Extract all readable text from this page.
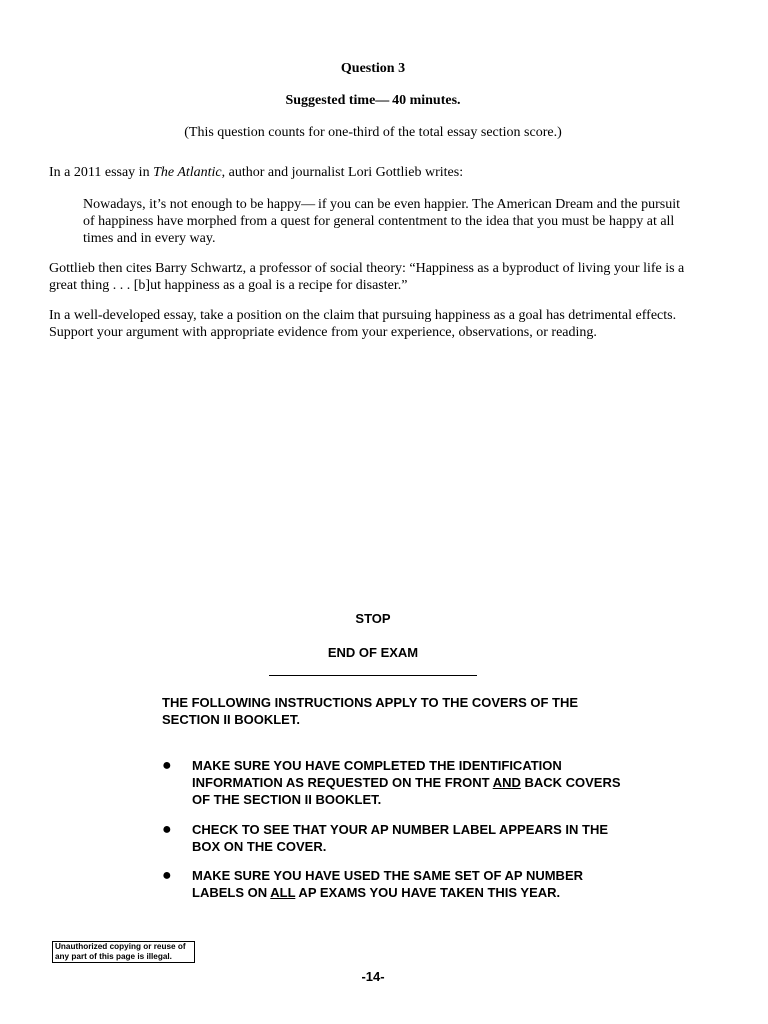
Question 3

Suggested time— 40 minutes.

(This question counts for one-third of the total essay section score.)

In a 2011 essay in The Atlantic, author and journalist Lori Gottlieb writes:

Nowadays, it’s not enough to be happy— if you can be even happier. The American Dream and the pursuit of happiness have morphed from a quest for general contentment to the idea that you must be happy at all times and in every way.

Gottlieb then cites Barry Schwartz, a professor of social theory: “Happiness as a byproduct of living your life is a great thing . . . [b]ut happiness as a goal is a recipe for disaster.”

In a well-developed essay, take a position on the claim that pursuing happiness as a goal has detrimental effects. Support your argument with appropriate evidence from your experience, observations, or reading.

STOP

END OF EXAM

THE FOLLOWING INSTRUCTIONS APPLY TO THE COVERS OF THE SECTION II BOOKLET.

●	MAKE SURE YOU HAVE COMPLETED THE IDENTIFICATION INFORMATION AS REQUESTED ON THE FRONT AND BACK COVERS OF THE SECTION II BOOKLET.
●	CHECK TO SEE THAT YOUR AP NUMBER LABEL APPEARS IN THE BOX ON THE COVER.
●	MAKE SURE YOU HAVE USED THE SAME SET OF AP NUMBER LABELS ON ALL AP EXAMS YOU HAVE TAKEN THIS YEAR.
Unauthorized copying or reuse of any part of this page is illegal.

-14-
